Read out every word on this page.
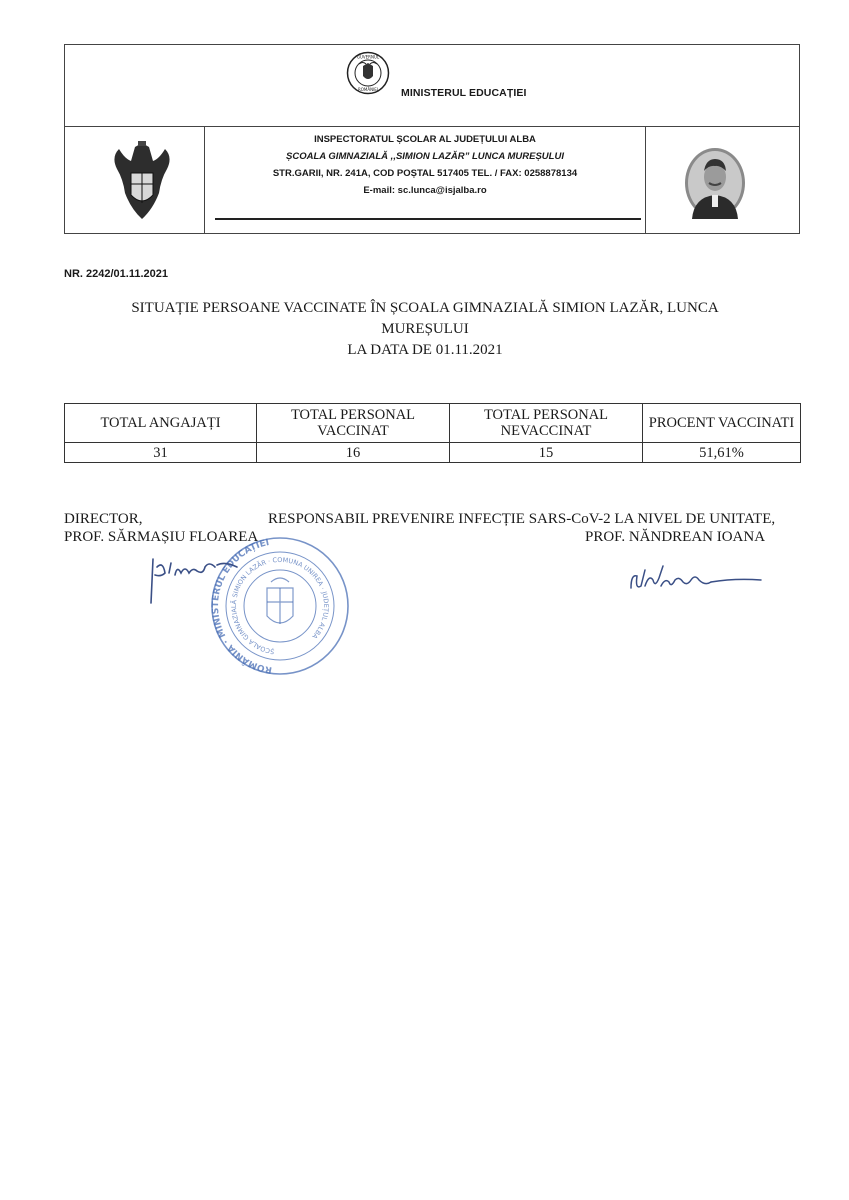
GUVERNUL
ROMÂNIEI MINISTERUL EDUCAȚIEI
INSPECTORATUL ȘCOLAR AL JUDEȚULUI ALBA
ȘCOALA GIMNAZIALĂ ,,SIMION LAZĂR” LUNCA MUREȘULUI
STR.GARII, NR. 241A, COD POȘTAL 517405 TEL. / FAX: 0258878134
E-mail: sc.lunca@isjalba.ro
NR. 2242/01.11.2021
SITUAȚIE PERSOANE VACCINATE ÎN ȘCOALA GIMNAZIALĂ SIMION LAZĂR, LUNCA
MUREȘULUI
LA DATA DE 01.11.2021
TOTAL ANGAJAȚI	TOTAL PERSONAL VACCINAT	TOTAL PERSONAL NEVACCINAT	PROCENT VACCINATI
31	16	15	51,61%
DIRECTOR,
PROF. SĂRMAȘIU FLOAREA
RESPONSABIL PREVENIRE INFECȚIE SARS-CoV-2 LA NIVEL DE UNITATE,
PROF. NĂNDREAN IOANA
ROMÂNIA · MINISTERUL EDUCAȚIEI
ȘCOALA GIMNAZIALĂ SIMION LAZĂR · COMUNA UNIREA · JUDEȚUL ALBA
